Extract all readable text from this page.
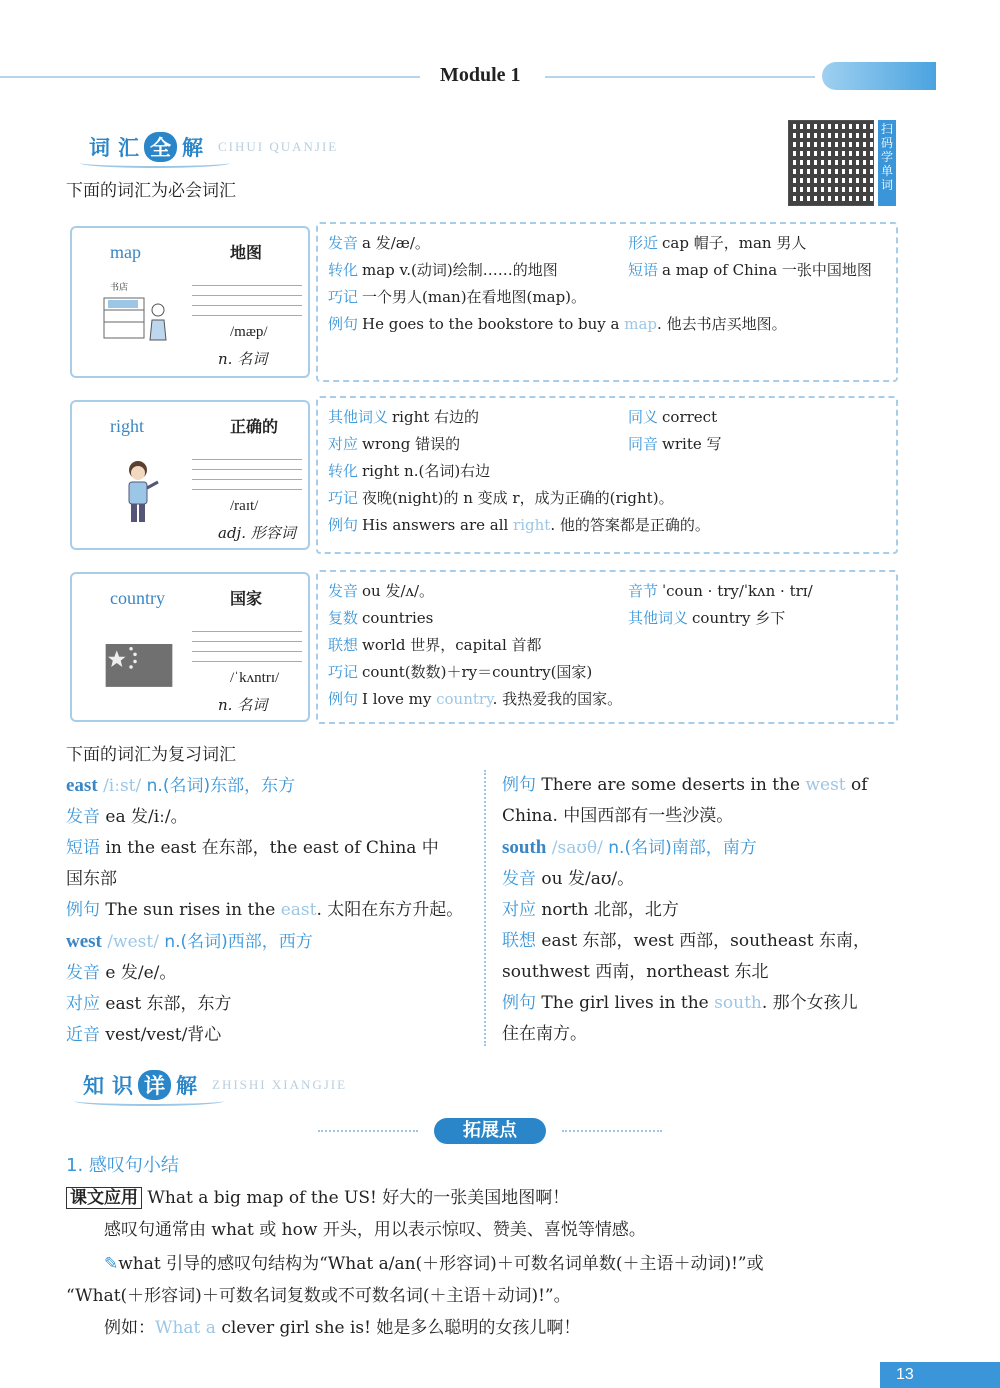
Module 1
词 汇 全 解 CIHUI QUANJIE
扫码学单词
下面的词汇为必会词汇
map	地图
书店
/mæp/
n. 名词
发音 a 发/æ/。	形近 cap 帽子，man 男人
转化 map v.(动词)绘制……的地图	短语 a map of China 一张中国地图
巧记 一个男人(man)在看地图(map)。
例句 He goes to the bookstore to buy a map. 他去书店买地图。
right	正确的
/raɪt/
adj. 形容词
其他词义 right 右边的	同义 correct
对应 wrong 错误的	同音 write 写
转化 right n.(名词)右边
巧记 夜晚(night)的 n 变成 r，成为正确的(right)。
例句 His answers are all right. 他的答案都是正确的。
country	国家
/ˈkʌntrɪ/
n. 名词
发音 ou 发/ʌ/。	音节 ˈcoun · try/ˈkʌn · trɪ/
复数 countries	其他词义 country 乡下
联想 world 世界，capital 首都
巧记 count(数数)＋ry＝country(国家)
例句 I love my country. 我热爱我的国家。
下面的词汇为复习词汇

east /iːst/ n.(名词)东部，东方

发音 ea 发/iː/。

短语 in the east 在东部，the east of China 中

国东部

例句 The sun rises in the east. 太阳在东方升起。

west /west/ n.(名词)西部，西方

发音 e 发/e/。

对应 east 东部，东方

近音 vest/vest/背心

例句 There are some deserts in the west of

China. 中国西部有一些沙漠。

south /saʊθ/ n.(名词)南部，南方

发音 ou 发/aʊ/。

对应 north 北部，北方

联想 east 东部，west 西部，southeast 东南，

southwest 西南，northeast 东北

例句 The girl lives in the south. 那个女孩儿

住在南方。

知 识 详 解 ZHISHI XIANGJIE
拓展点
1. 感叹句小结
课文应用 What a big map of the US! 好大的一张美国地图啊！
感叹句通常由 what 或 how 开头，用以表示惊叹、赞美、喜悦等情感。
✎what 引导的感叹句结构为“What a/an(＋形容词)＋可数名词单数(＋主语＋动词)!”或
“What(＋形容词)＋可数名词复数或不可数名词(＋主语＋动词)!”。
例如：What a clever girl she is! 她是多么聪明的女孩儿啊！
13
